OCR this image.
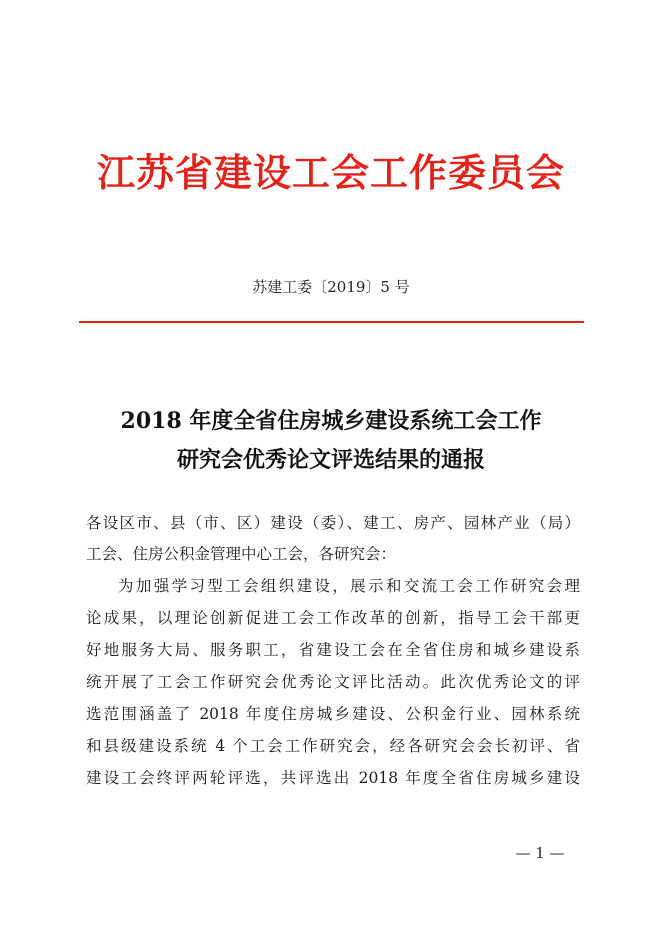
江苏省建设工会工作委员会
苏建工委〔2019〕5 号
2018 年度全省住房城乡建设系统工会工作
研究会优秀论文评选结果的通报
各设区市、县（市、区）建设（委）、建工、房产、园林产业（局）
工会、住房公积金管理中心工会，各研究会：
为加强学习型工会组织建设，展示和交流工会工作研究会理
论成果，以理论创新促进工会工作改革的创新，指导工会干部更
好地服务大局、服务职工，省建设工会在全省住房和城乡建设系
统开展了工会工作研究会优秀论文评比活动。此次优秀论文的评
选范围涵盖了 2018 年度住房城乡建设、公积金行业、园林系统
和县级建设系统 4 个工会工作研究会，经各研究会会长初评、省
建设工会终评两轮评选，共评选出 2018 年度全省住房城乡建设
— 1 —
